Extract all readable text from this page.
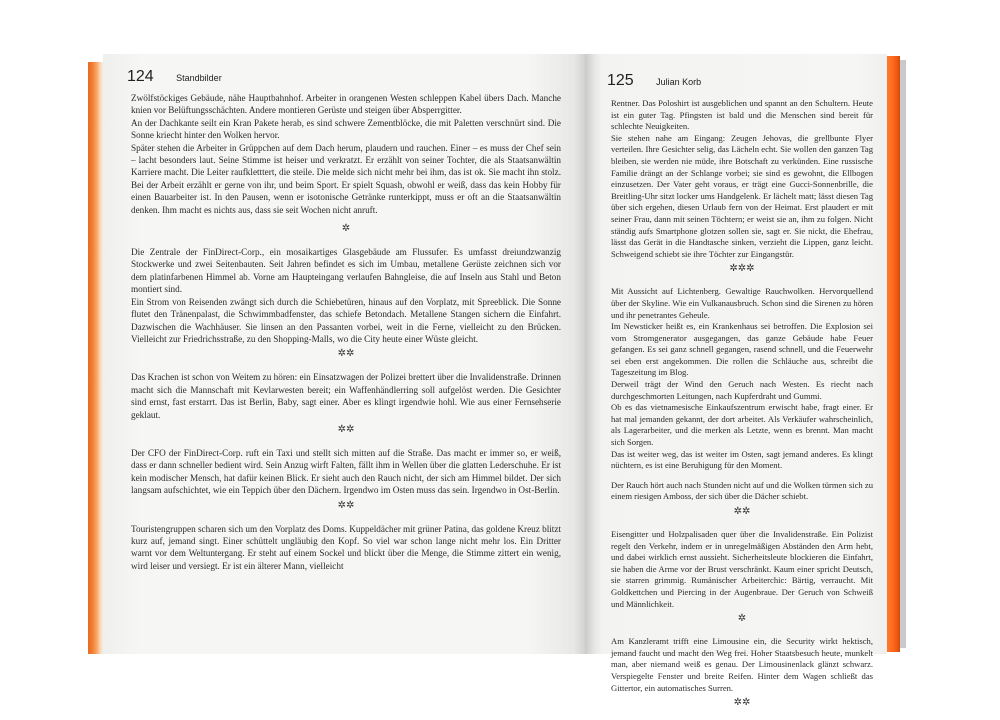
124 Standbilder

Zwölfstöckiges Gebäude, nähe Hauptbahnhof. Arbeiter in orangenen Westen schleppen Kabel übers Dach. Manche knien vor Belüftungsschächten. Andere montieren Gerüste und steigen über Absperrgitter.

An der Dachkante seilt ein Kran Pakete herab, es sind schwere Zementblöcke, die mit Paletten verschnürt sind. Die Sonne kriecht hinter den Wolken hervor.

Später stehen die Arbeiter in Grüppchen auf dem Dach herum, plaudern und rauchen. Einer – es muss der Chef sein – lacht besonders laut. Seine Stimme ist heiser und verkratzt. Er erzählt von seiner Tochter, die als Staatsanwältin Karriere macht. Die Leiter raufkletttert, die steile. Die melde sich nicht mehr bei ihm, das ist ok. Sie macht ihn stolz. Bei der Arbeit erzählt er gerne von ihr, und beim Sport. Er spielt Squash, obwohl er weiß, dass das kein Hobby für einen Bauarbeiter ist. In den Pausen, wenn er isotonische Getränke runterkippt, muss er oft an die Staatsanwältin denken. Ihm macht es nichts aus, dass sie seit Wochen nicht anruft.

✲

Die Zentrale der FinDirect-Corp., ein mosaikartiges Glasgebäude am Flussufer. Es umfasst dreiundzwanzig Stockwerke und zwei Seitenbauten. Seit Jahren befindet es sich im Umbau, metallene Gerüste zeichnen sich vor dem platinfarbenen Himmel ab. Vorne am Haupteingang verlaufen Bahngleise, die auf Inseln aus Stahl und Beton montiert sind.

Ein Strom von Reisenden zwängt sich durch die Schiebetüren, hinaus auf den Vorplatz, mit Spreeblick. Die Sonne flutet den Tränenpalast, die Schwimmbadfenster, das schiefe Betondach. Metallene Stangen sichern die Einfahrt. Dazwischen die Wachhäuser. Sie linsen an den Passanten vorbei, weit in die Ferne, vielleicht zu den Brücken. Vielleicht zur Friedrichsstraße, zu den Shopping-Malls, wo die City heute einer Wüste gleicht.

✲✲

Das Krachen ist schon von Weitem zu hören: ein Einsatzwagen der Polizei brettert über die Invalidenstraße. Drinnen macht sich die Mannschaft mit Kevlarwesten bereit; ein Waffenhändlerring soll aufgelöst werden. Die Gesichter sind ernst, fast erstarrt. Das ist Berlin, Baby, sagt einer. Aber es klingt irgendwie hohl. Wie aus einer Fernsehserie geklaut.

✲✲

Der CFO der FinDirect-Corp. ruft ein Taxi und stellt sich mitten auf die Straße. Das macht er immer so, er weiß, dass er dann schneller bedient wird. Sein Anzug wirft Falten, fällt ihm in Wellen über die glatten Lederschuhe. Er ist kein modischer Mensch, hat dafür keinen Blick. Er sieht auch den Rauch nicht, der sich am Himmel bildet. Der sich langsam aufschichtet, wie ein Teppich über den Dächern. Irgendwo im Osten muss das sein. Irgendwo in Ost-Berlin.

✲✲

Touristengruppen scharen sich um den Vorplatz des Doms. Kuppeldächer mit grüner Patina, das goldene Kreuz blitzt kurz auf, jemand singt. Einer schüttelt ungläubig den Kopf. So viel war schon lange nicht mehr los. Ein Dritter warnt vor dem Weltuntergang. Er steht auf einem Sockel und blickt über die Menge, die Stimme zittert ein wenig, wird leiser und versiegt. Er ist ein älterer Mann, vielleicht

125 Julian Korb

Rentner. Das Poloshirt ist ausgeblichen und spannt an den Schultern. Heute ist ein guter Tag. Pfingsten ist bald und die Menschen sind bereit für schlechte Neuigkeiten.

Sie stehen nahe am Eingang: Zeugen Jehovas, die grellbunte Flyer verteilen. Ihre Gesichter selig, das Lächeln echt. Sie wollen den ganzen Tag bleiben, sie werden nie müde, ihre Botschaft zu verkünden. Eine russische Familie drängt an der Schlange vorbei; sie sind es gewohnt, die Ellbogen einzusetzen. Der Vater geht voraus, er trägt eine Gucci-Sonnenbrille, die Breitling-Uhr sitzt locker ums Handgelenk. Er lächelt matt; lässt diesen Tag über sich ergehen, diesen Urlaub fern von der Heimat. Erst plaudert er mit seiner Frau, dann mit seinen Töchtern; er weist sie an, ihm zu folgen. Nicht ständig aufs Smartphone glotzen sollen sie, sagt er. Sie nickt, die Ehefrau, lässt das Gerät in die Handtasche sinken, verzieht die Lippen, ganz leicht. Schweigend schiebt sie ihre Töchter zur Eingangstür.

✲✲✲

Mit Aussicht auf Lichtenberg. Gewaltige Rauchwolken. Hervorquellend über der Skyline. Wie ein Vulkanausbruch. Schon sind die Sirenen zu hören und ihr penetrantes Geheule.

Im Newsticker heißt es, ein Krankenhaus sei betroffen. Die Explosion sei vom Stromgenerator ausgegangen, das ganze Gebäude habe Feuer gefangen. Es sei ganz schnell gegangen, rasend schnell, und die Feuerwehr sei eben erst angekommen. Die rollen die Schläuche aus, schreibt die Tageszeitung im Blog.

Derweil trägt der Wind den Geruch nach Westen. Es riecht nach durchgeschmorten Leitungen, nach Kupferdraht und Gummi.

Ob es das vietnamesische Einkaufszentrum erwischt habe, fragt einer. Er hat mal jemanden gekannt, der dort arbeitet. Als Verkäufer wahrscheinlich, als Lagerarbeiter, und die merken als Letzte, wenn es brennt. Man macht sich Sorgen.

Das ist weiter weg, das ist weiter im Osten, sagt jemand anderes. Es klingt nüchtern, es ist eine Beruhigung für den Moment.

Der Rauch hört auch nach Stunden nicht auf und die Wolken türmen sich zu einem riesigen Amboss, der sich über die Dächer schiebt.

✲✲

Eisengitter und Holzpalisaden quer über die Invalidenstraße. Ein Polizist regelt den Verkehr, indem er in unregelmäßigen Abständen den Arm hebt, und dabei wirklich ernst aussieht. Sicherheitsleute blockieren die Einfahrt, sie haben die Arme vor der Brust verschränkt. Kaum einer spricht Deutsch, sie starren grimmig. Rumänischer Arbeiterchic: Bärtig, verraucht. Mit Goldkettchen und Piercing in der Augenbraue. Der Geruch von Schweiß und Männlichkeit.

✲

Am Kanzleramt trifft eine Limousine ein, die Security wirkt hektisch, jemand faucht und macht den Weg frei. Hoher Staatsbesuch heute, munkelt man, aber niemand weiß es genau. Der Limousinenlack glänzt schwarz. Verspiegelte Fenster und breite Reifen. Hinter dem Wagen schließt das Gittertor, ein automatisches Surren.

✲✲
